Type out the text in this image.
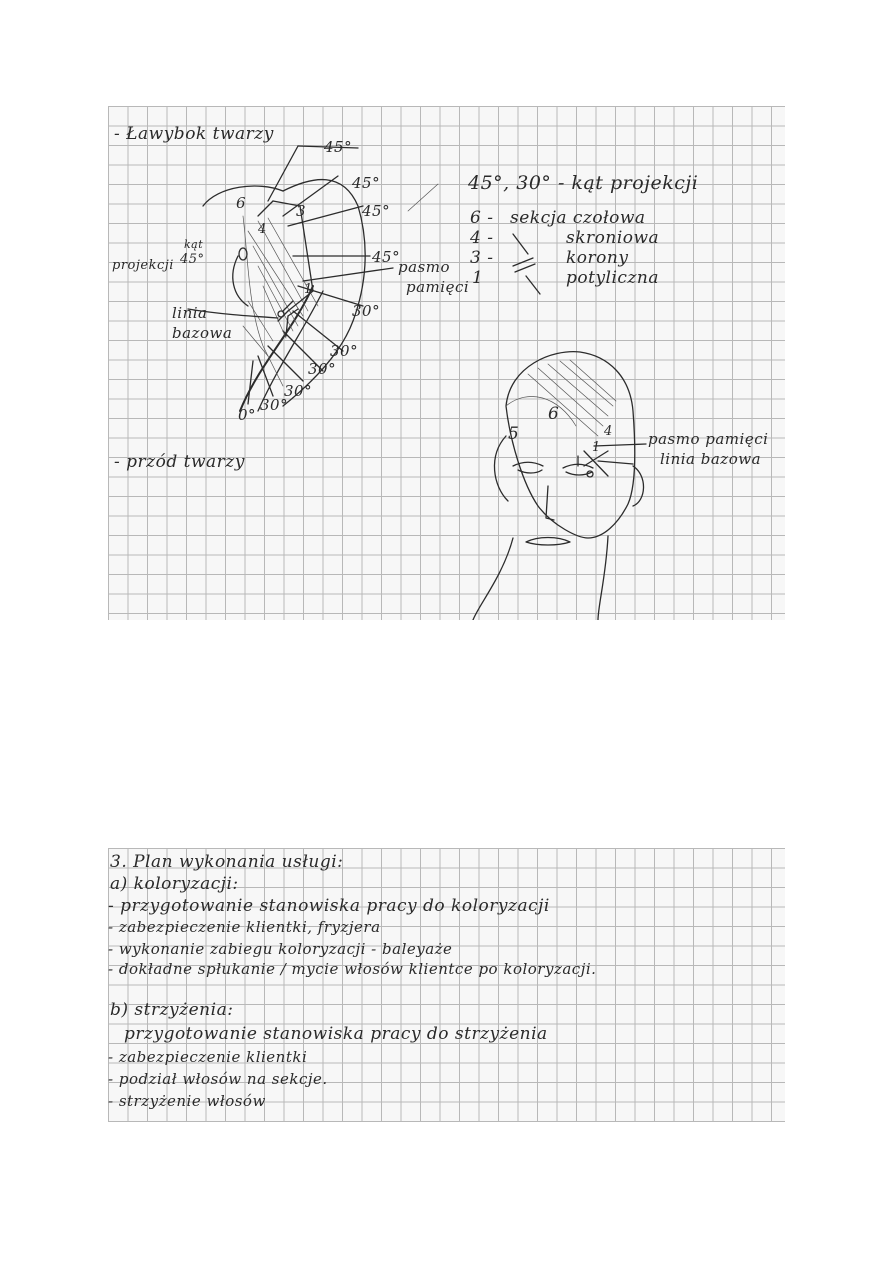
- Ławybok twarzy
- przód twarzy
45°
45°
45°
45°
30°
30°
30°
30°
30°
0°
6	3
4
1
projekcji
kąt
45°	pasmo
pamięci
linia
bazowa
45°, 30° - kąt projekcji
6 - sekcja czołowa
4 -	skroniowa
3 -	korony
1	potyliczna
6
5	4
1	pasmo pamięci
linia bazowa
3. Plan wykonania usługi:
a) koloryzacji:
- przygotowanie stanowiska pracy do koloryzacji
- zabezpieczenie klientki, fryzjera
- wykonanie zabiegu koloryzacji - baleyaże
- dokładne spłukanie / mycie włosów klientce po koloryzacji.
b) strzyżenia:
przygotowanie stanowiska pracy do strzyżenia
- zabezpieczenie klientki
- podział włosów na sekcje.
- strzyżenie włosów
